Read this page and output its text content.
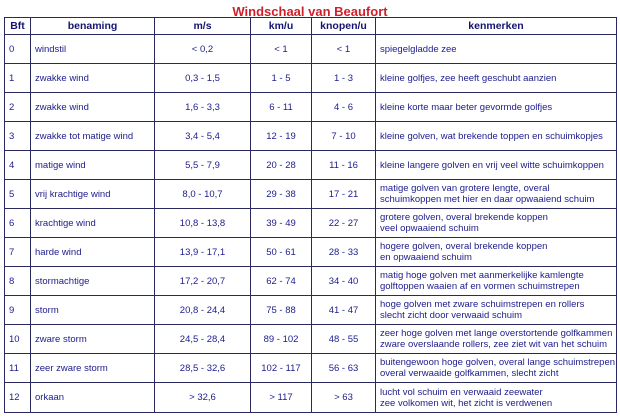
Windschaal van Beaufort
Bft	benaming	m/s	km/u	knopen/u	kenmerken
0	windstil	< 0,2	< 1	< 1	spiegelgladde zee

1	zwakke wind	0,3 - 1,5	1 - 5	1 - 3	kleine golfjes, zee heeft geschubt aanzien

2	zwakke wind	1,6 - 3,3	6 - 11	4 - 6	kleine korte maar beter gevormde golfjes

3	zwakke tot matige wind	3,4 - 5,4	12 - 19	7 - 10	kleine golven, wat brekende toppen en schuimkopjes

4	matige wind	5,5 - 7,9	20 - 28	11 - 16	kleine langere golven en vrij veel witte schuimkoppen

5	vrij krachtige wind	8,0 - 10,7	29 - 38	17 - 21	matige golven van grotere lengte, overal
schuimkoppen met hier en daar opwaaiend schuim

6	krachtige wind	10,8 - 13,8	39 - 49	22 - 27	grotere golven, overal brekende koppen
veel opwaaiend schuim

7	harde wind	13,9 - 17,1	50 - 61	28 - 33	hogere golven, overal brekende koppen
en opwaaiend schuim

8	stormachtige	17,2 - 20,7	62 - 74	34 - 40	matig hoge golven met aanmerkelijke kamlengte
golftoppen waaien af en vormen schuimstrepen

9	storm	20,8 - 24,4	75 - 88	41 - 47	hoge golven met zware schuimstrepen en rollers
slecht zicht door verwaaid schuim

10	zware storm	24,5 - 28,4	89 - 102	48 - 55	zeer hoge golven met lange overstortende golfkammen
zware overslaande rollers, zee ziet wit van het schuim

11	zeer zware storm	28,5 - 32,6	102 - 117	56 - 63	buitengewoon hoge golven, overal lange schuimstrepen
overal verwaaide golfkammen, slecht zicht

12	orkaan	> 32,6	> 117	> 63	lucht vol schuim en verwaaid zeewater
zee volkomen wit, het zicht is verdwenen
